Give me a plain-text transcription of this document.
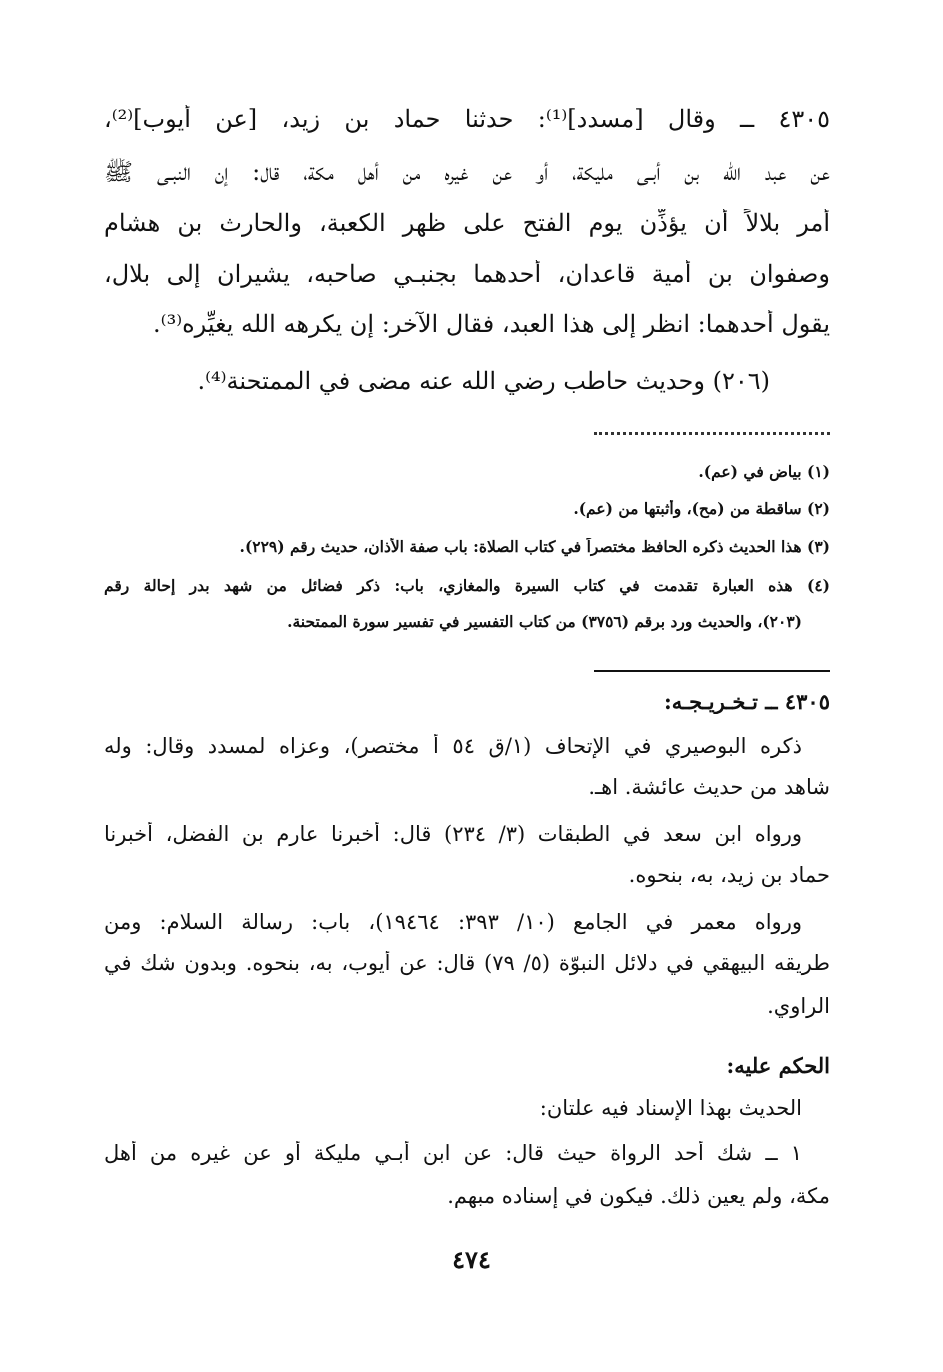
٤٣٠٥ ــ وقال [مسدد]⁽¹⁾: حدثنا حماد بن زيد، [عن أيوب]⁽²⁾،
عن عبد الله بن أبـي مليكة، أو عن غيره من أهل مكة، قال: إن النبـي ﷺ
أمر بلالاً أن يؤذِّن يوم الفتح على ظهر الكعبة، والحارث بن هشام
وصفوان بن أمية قاعدان، أحدهما بجنبـي صاحبه، يشيران إلى بلال،
يقول أحدهما: انظر إلى هذا العبد، فقال الآخر: إن يكرهه الله يغيِّره⁽³⁾.
(٢٠٦) وحديث حاطب رضي الله عنه مضى في الممتحنة⁽⁴⁾.
(١) بياض في (عم).
(٢) ساقطة من (مح)، وأثبتها من (عم).
(٣) هذا الحديث ذكره الحافظ مختصراً في كتاب الصلاة: باب صفة الأذان، حديث رقم (٢٢٩).
(٤) هذه العبارة تقدمت في كتاب السيرة والمغازي، باب: ذكر فضائل من شهد بدر إحالة رقم
(٢٠٣)، والحديث ورد برقم (٣٧٥٦) من كتاب التفسير في تفسير سورة الممتحنة.
٤٣٠٥ ــ تـخـريـجـه:
ذكره البوصيري في الإتحاف (١/ق ٥٤ أ مختصر)، وعزاه لمسدد وقال: وله
شاهد من حديث عائشة. اهـ.
ورواه ابن سعد في الطبقات (٣/ ٢٣٤) قال: أخبرنا عارم بن الفضل، أخبرنا
حماد بن زيد، به، بنحوه.
ورواه معمر في الجامع (١٠/ ٣٩٣: ١٩٤٦٤)، باب: رسالة السلام: ومن
طريقه البيهقي في دلائل النبوّة (٥/ ٧٩) قال: عن أيوب، به، بنحوه. وبدون شك في
الراوي.
الحكم عليه:
الحديث بهذا الإسناد فيه علتان:
١ ــ شك أحد الرواة حيث قال: عن ابن أبـي مليكة أو عن غيره من أهل
مكة، ولم يعين ذلك. فيكون في إسناده مبهم.
٤٧٤
